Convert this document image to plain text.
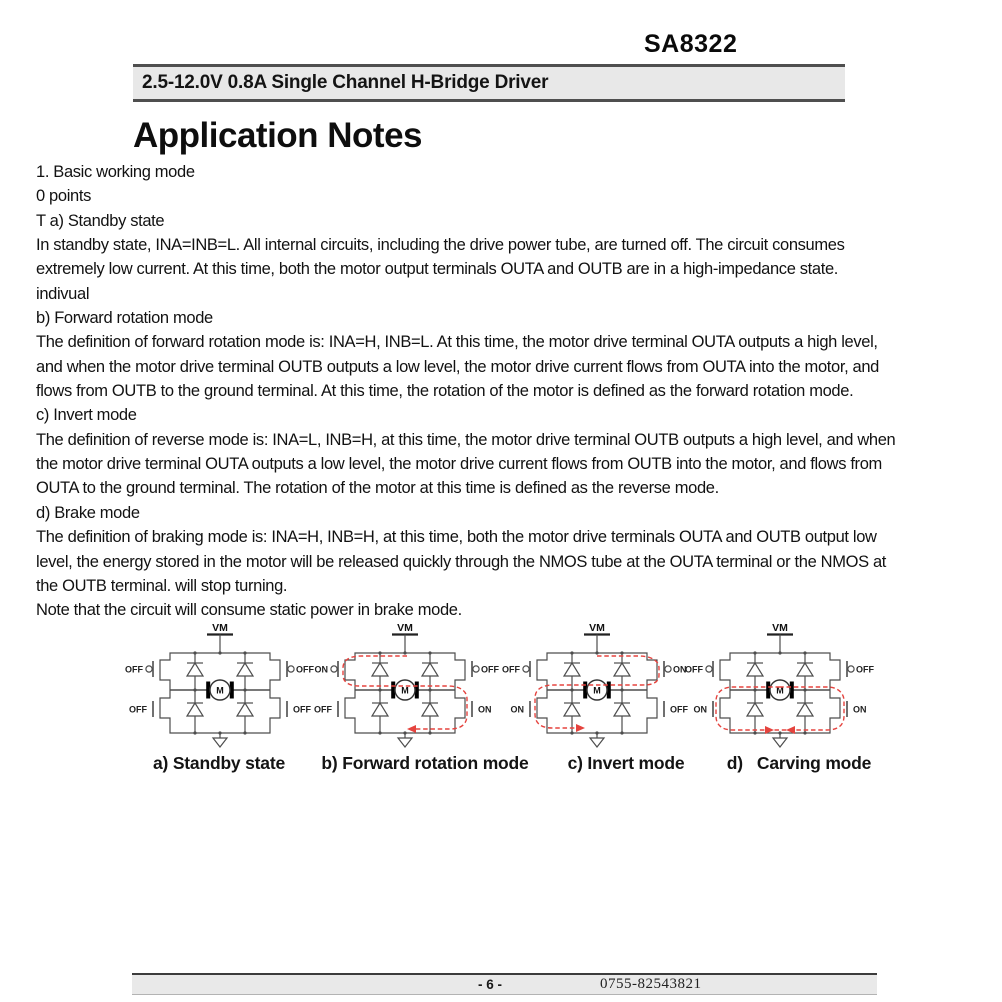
SA8322
2.5-12.0V 0.8A Single Channel H-Bridge Driver
Application Notes
1. Basic working mode
0 points
T a) Standby state
In standby state, INA=INB=L. All internal circuits, including the drive power tube, are turned off. The circuit consumes
extremely low current. At this time, both the motor output terminals OUTA and OUTB are in a high-impedance state.
indivual
b) Forward rotation mode
The definition of forward rotation mode is: INA=H, INB=L. At this time, the motor drive terminal OUTA outputs a high level,
and when the motor drive terminal OUTB outputs a low level, the motor drive current flows from OUTA into the motor, and
flows from OUTB to the ground terminal. At this time, the rotation of the motor is defined as the forward rotation mode.
c) Invert mode
The definition of reverse mode is: INA=L, INB=H, at this time, the motor drive terminal OUTB outputs a high level, and when
the motor drive terminal OUTA outputs a low level, the motor drive current flows from OUTB into the motor, and flows from
OUTA to the ground terminal. The rotation of the motor at this time is defined as the reverse mode.
d) Brake mode
The definition of braking mode is: INA=H, INB=H, at this time, both the motor drive terminals OUTA and OUTB output low
level, the energy stored in the motor will be released quickly through the NMOS tube at the OUTA terminal or the NMOS at
the OUTB terminal. will stop turning.
Note that the circuit will consume static power in brake mode.
VM
M
OFF
OFF
OFF
OFF
VM
M
ON
OFF
OFF
ON
VM
M
OFF
ON
ON
OFF
VM
M
OFF
ON
OFF
ON
a) Standby state b) Forward rotation mode c) Invert mode d)   Carving mode
- 6 -	0755-82543821
